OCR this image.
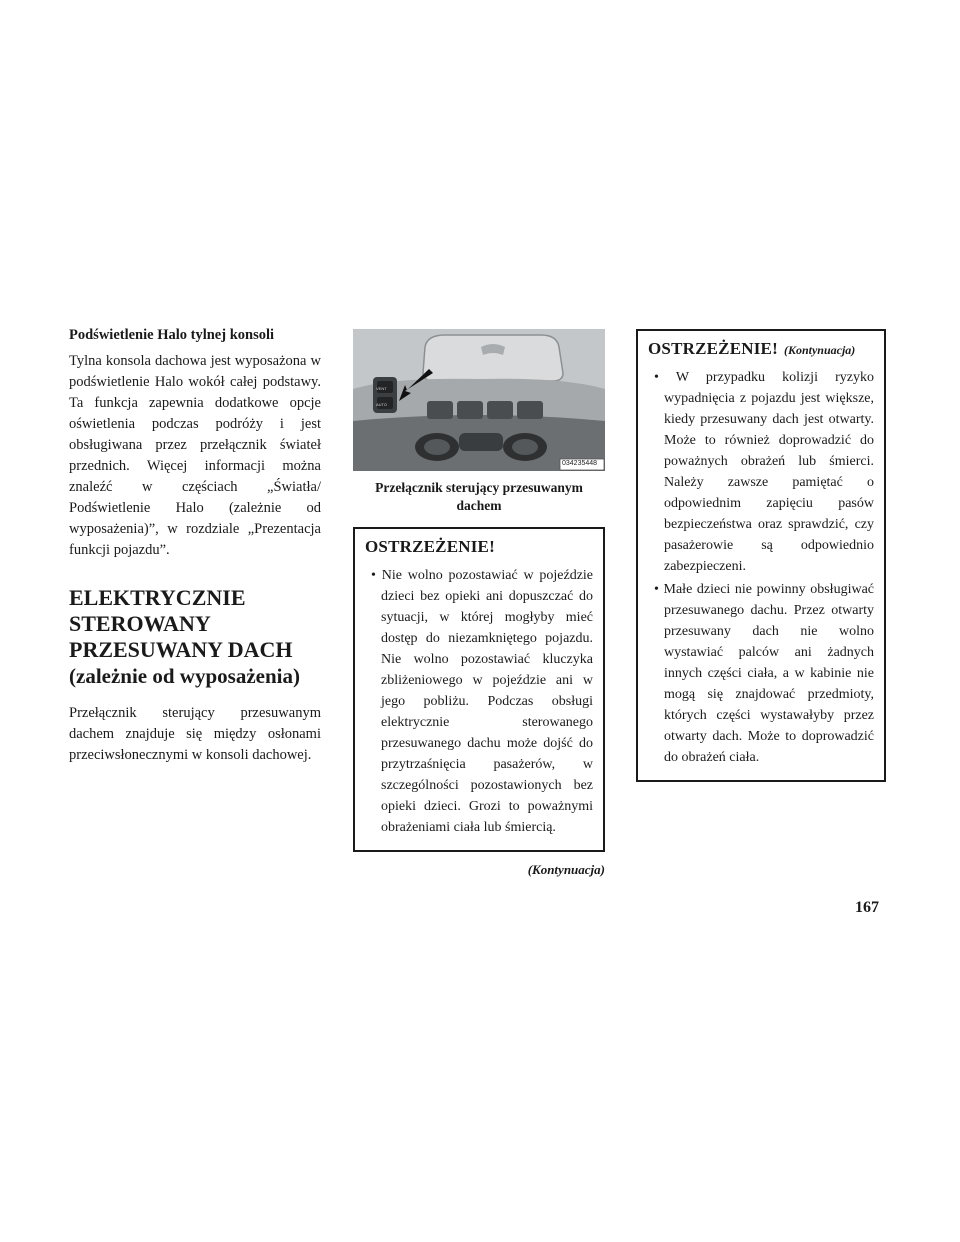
Podświetlenie Halo tylnej konsoli

Tylna konsola dachowa jest wyposażona w podświetlenie Halo wokół całej podstawy. Ta funkcja zapewnia dodatkowe opcje oświetlenia podczas podróży i jest obsługiwana przez przełącznik świateł przednich. Więcej informacji można znaleźć w częściach „Światła/ Podświetlenie Halo (zależnie od wyposażenia)”, w rozdziale „Prezentacja funkcji pojazdu”.

ELEKTRYCZNIE
STEROWANY
PRZESUWANY DACH
(zależnie od wyposażenia)

Przełącznik sterujący przesuwanym dachem znajduje się między osłonami przeciwsłonecznymi w konsoli dachowej.

VENT
AUTO
034235448
Przełącznik sterujący przesuwanym dachem
OSTRZEŻENIE!
• Nie wolno pozostawiać w pojeździe dzieci bez opieki ani dopuszczać do sytuacji, w której mogłyby mieć dostęp do niezamkniętego pojazdu. Nie wolno pozostawiać kluczyka zbliżeniowego w pojeździe ani w jego pobliżu. Podczas obsługi elektrycznie sterowanego przesuwanego dachu może dojść do przytrzaśnięcia pasażerów, w szczególności pozostawionych bez opieki dzieci. Grozi to poważnymi obrażeniami ciała lub śmiercią.
(Kontynuacja)
OSTRZEŻENIE! (Kontynuacja)
• W przypadku kolizji ryzyko wypadnięcia z pojazdu jest większe, kiedy przesuwany dach jest otwarty. Może to również doprowadzić do poważnych obrażeń lub śmierci. Należy zawsze pamiętać o odpowiednim zapięciu pasów bezpieczeństwa oraz sprawdzić, czy pasażerowie są odpowiednio zabezpieczeni.
• Małe dzieci nie powinny obsługiwać przesuwanego dachu. Przez otwarty przesuwany dach nie wolno wystawiać palców ani żadnych innych części ciała, a w kabinie nie mogą się znajdować przedmioty, których części wystawałyby przez otwarty dach. Może to doprowadzić do obrażeń ciała.
167
